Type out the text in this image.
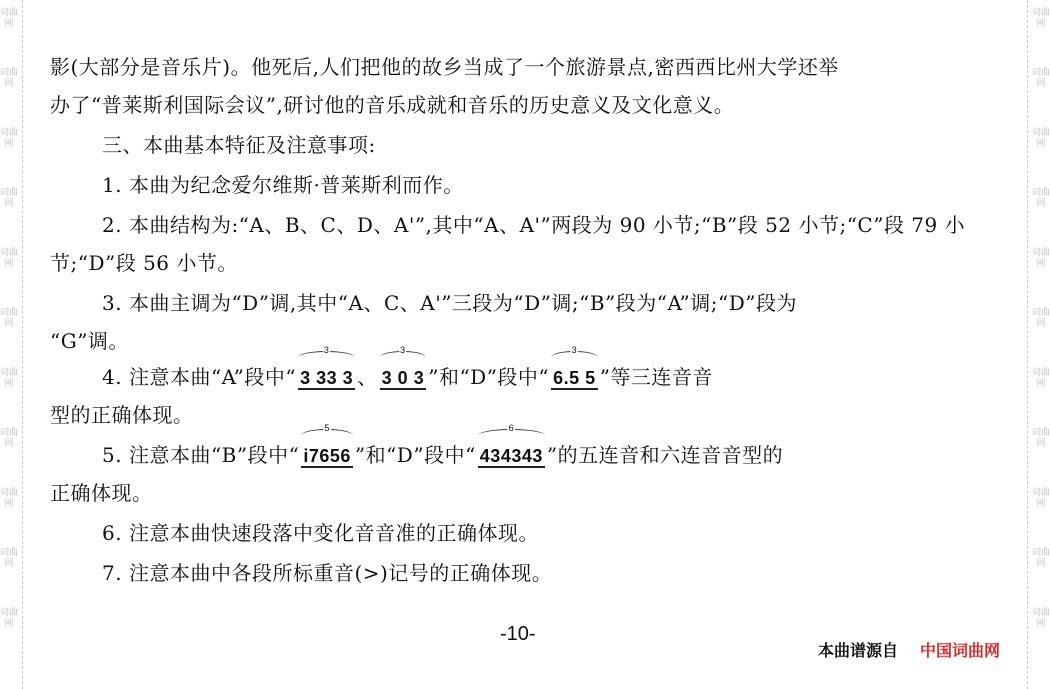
词曲网
词曲网
词曲网
词曲网
词曲网
词曲网
词曲网
词曲网
词曲网
词曲网
词曲网
词曲网
词曲网
词曲网
词曲网
词曲网
词曲网
词曲网
词曲网
词曲网
词曲网
词曲网
影(大部分是音乐片)。他死后,人们把他的故乡当成了一个旅游景点,密西西比州大学还举
办了“普莱斯利国际会议”,研讨他的音乐成就和音乐的历史意义及文化意义。
三、本曲基本特征及注意事项:
1. 本曲为纪念爱尔维斯·普莱斯利而作。
2. 本曲结构为:“A、B、C、D、A'”,其中“A、A'”两段为 90 小节;“B”段 52 小节;“C”段 79 小
节;“D”段 56 小节。
3. 本曲主调为“D”调,其中“A、C、A'”三段为“D”调;“B”段为“A”调;“D”段为
“G”调。
4. 注意本曲“A”段中“
3
3 33 3 、
3
3 0 3 ”和“D”段中“
3
6.5 5 ”等三连音音
型的正确体现。
5. 注意本曲“B”段中“
5
i7656 ”和“D”段中“
6
434343 ”的五连音和六连音音型的
正确体现。
6. 注意本曲快速段落中变化音音准的正确体现。
7. 注意本曲中各段所标重音(>)记号的正确体现。
-10-
本曲谱源自 中国词曲网
